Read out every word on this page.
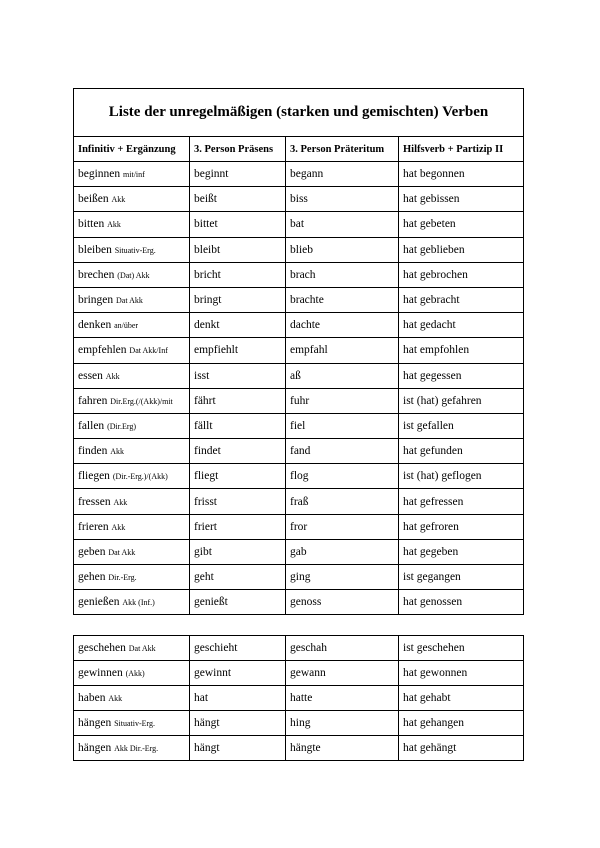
Liste der unregelmäßigen (starken und gemischten) Verben			
Infinitiv + Ergänzung	3. Person Präsens	3. Person Präteritum	Hilfsverb + Partizip II
beginnen mit/inf	beginnt	begann	hat begonnen
beißen Akk	beißt	biss	hat gebissen
bitten Akk	bittet	bat	hat gebeten
bleiben Situativ-Erg.	bleibt	blieb	hat geblieben
brechen (Dat) Akk	bricht	brach	hat gebrochen
bringen Dat Akk	bringt	brachte	hat gebracht
denken an/über	denkt	dachte	hat gedacht
empfehlen Dat Akk/Inf	empfiehlt	empfahl	hat empfohlen
essen Akk	isst	aß	hat gegessen
fahren Dir.Erg.(/(Akk)/mit	fährt	fuhr	ist (hat) gefahren
fallen (Dir.Erg)	fällt	fiel	ist gefallen
finden Akk	findet	fand	hat gefunden
fliegen (Dir.-Erg.)/(Akk)	fliegt	flog	ist (hat) geflogen
fressen Akk	frisst	fraß	hat gefressen
frieren Akk	friert	fror	hat gefroren
geben Dat Akk	gibt	gab	hat gegeben
gehen Dir.-Erg.	geht	ging	ist gegangen
genießen Akk (Inf.)	genießt	genoss	hat genossen
geschehen Dat Akk	geschieht	geschah	ist geschehen
gewinnen (Akk)	gewinnt	gewann	hat gewonnen
haben Akk	hat	hatte	hat gehabt
hängen Situativ-Erg.	hängt	hing	hat gehangen
hängen Akk Dir.-Erg.	hängt	hängte	hat gehängt
